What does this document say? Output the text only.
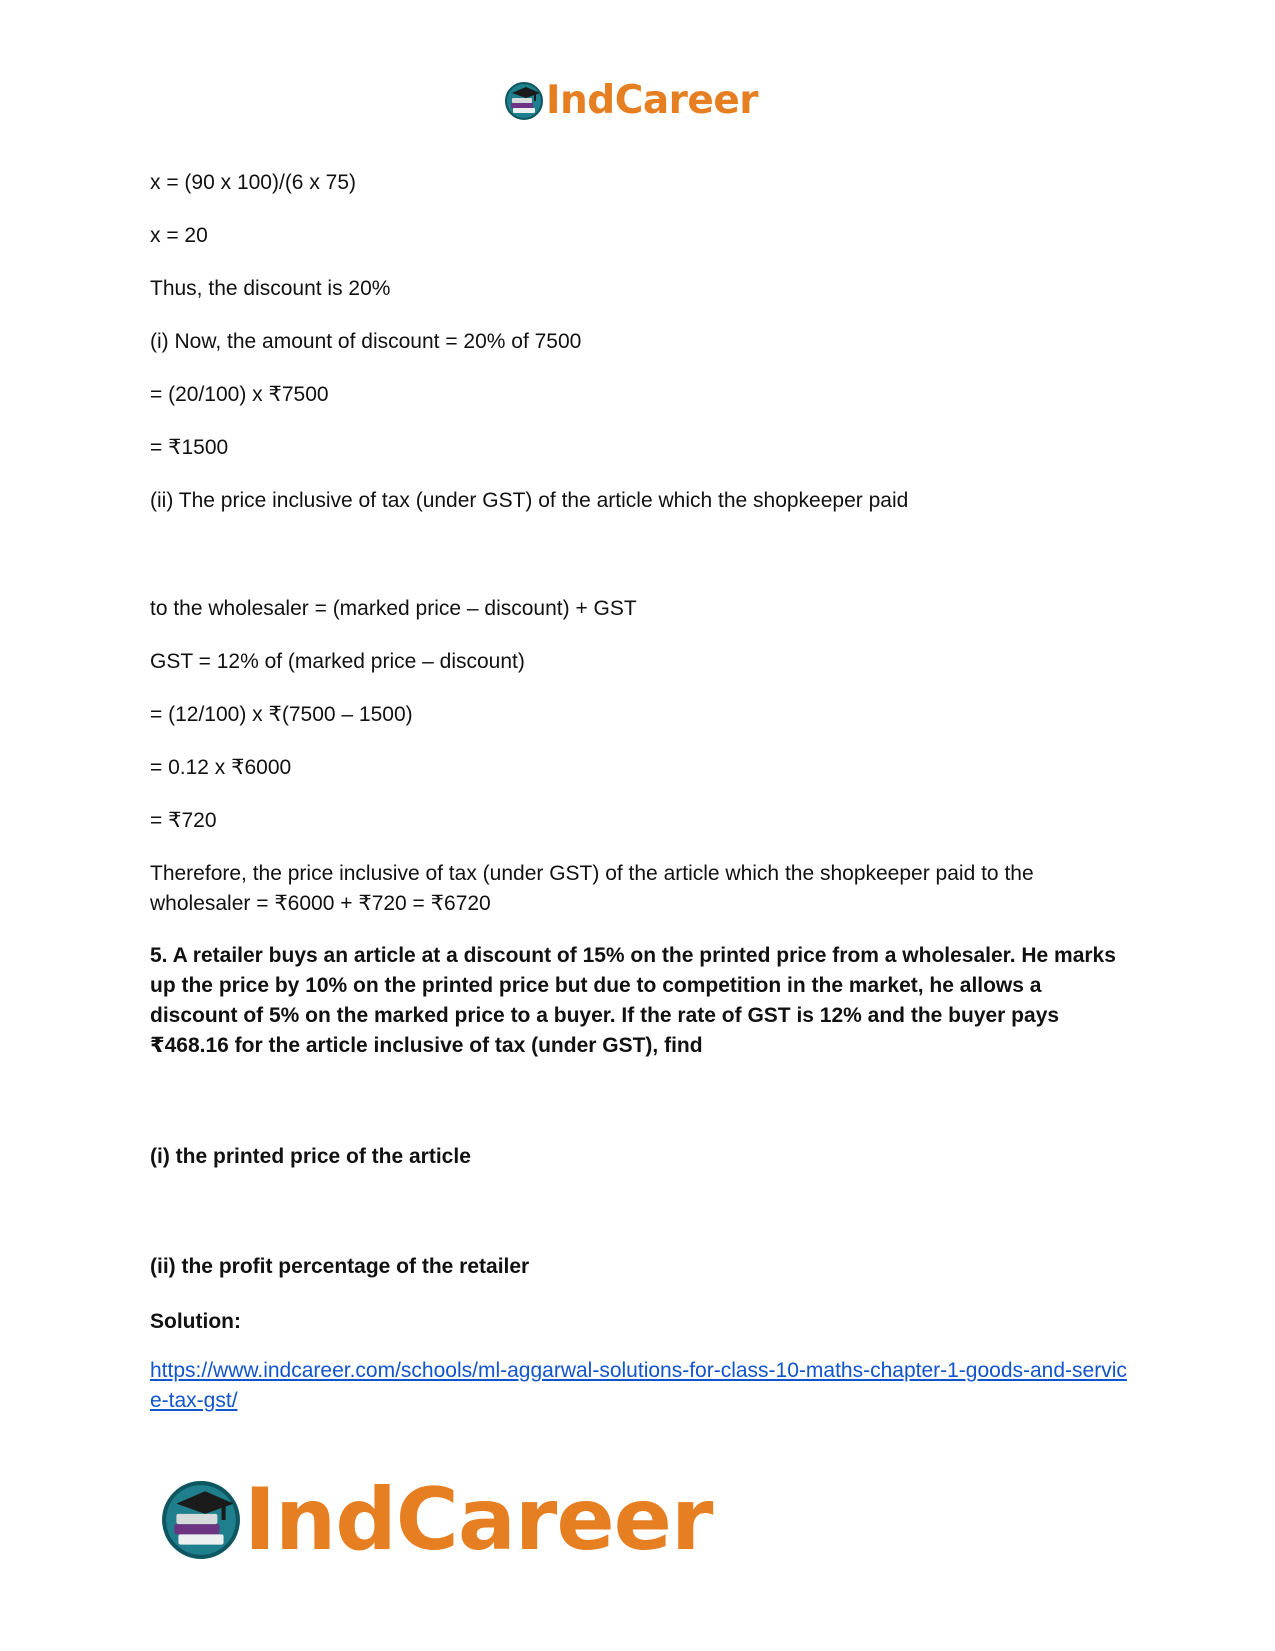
IndCareer
x = (90 x 100)/(6 x 75)
x = 20
Thus, the discount is 20%
(i) Now, the amount of discount = 20% of 7500
= (20/100) x ₹7500
= ₹1500
(ii) The price inclusive of tax (under GST) of the article which the shopkeeper paid
to the wholesaler = (marked price – discount) + GST
GST = 12% of (marked price – discount)
= (12/100) x ₹(7500 – 1500)
= 0.12 x ₹6000
= ₹720
Therefore, the price inclusive of tax (under GST) of the article which the shopkeeper paid to the wholesaler = ₹6000 + ₹720 = ₹6720
5. A retailer buys an article at a discount of 15% on the printed price from a wholesaler. He marks up the price by 10% on the printed price but due to competition in the market, he allows a discount of 5% on the marked price to a buyer. If the rate of GST is 12% and the buyer pays ₹468.16 for the article inclusive of tax (under GST), find
(i) the printed price of the article
(ii) the profit percentage of the retailer
Solution:
https://www.indcareer.com/schools/ml-aggarwal-solutions-for-class-10-maths-chapter-1-goods-and-service-tax-gst/
IndCareer
